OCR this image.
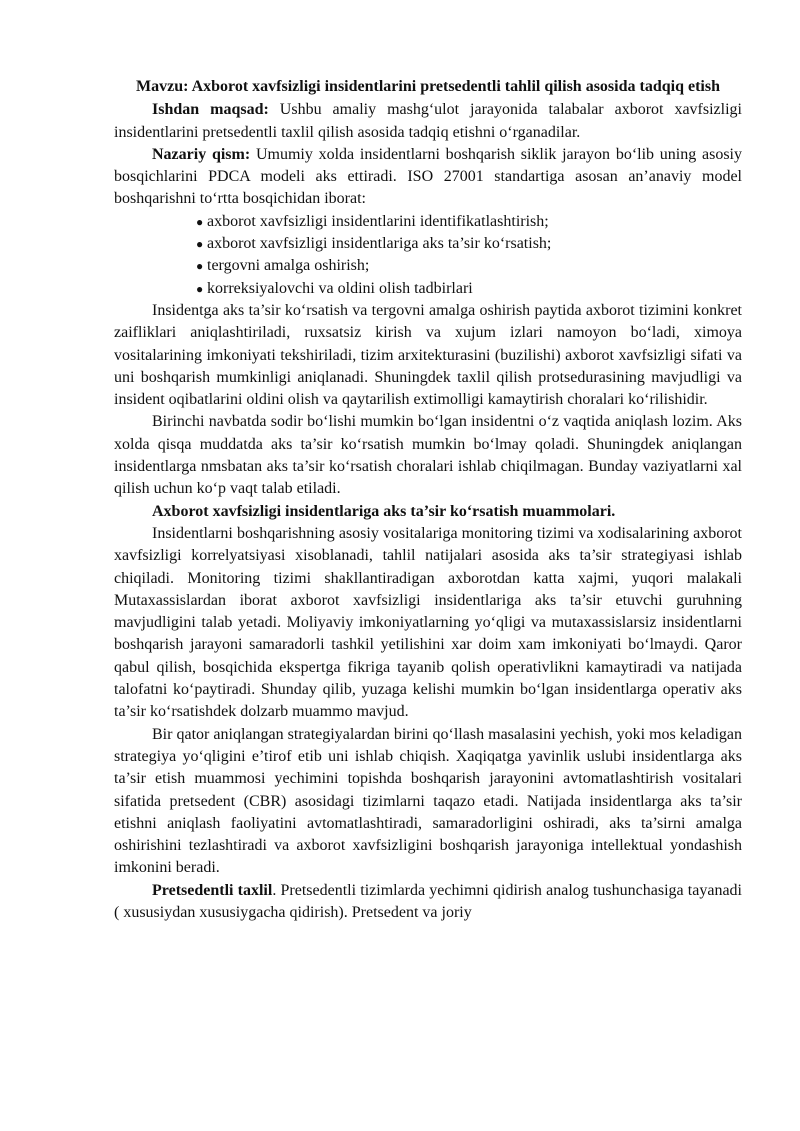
Mavzu: Axborot xavfsizligi insidentlarini pretsedentli tahlil qilish asosida tadqiq etish

Ishdan maqsad: Ushbu amaliy mashg‘ulot jarayonida talabalar axborot xavfsizligi insidentlarini pretsedentli taxlil qilish asosida tadqiq etishni o‘rganadilar.

Nazariy qism: Umumiy xolda insidentlarni boshqarish siklik jarayon bo‘lib uning asosiy bosqichlarini PDCA modeli aks ettiradi. ISO 27001 standartiga asosan an’anaviy model boshqarishni to‘rtta bosqichidan iborat:

● axborot xavfsizligi insidentlarini identifikatlashtirish;
● axborot xavfsizligi insidentlariga aks ta’sir ko‘rsatish;
● tergovni amalga oshirish;
● korreksiyalovchi va oldini olish tadbirlari

Insidentga aks ta’sir ko‘rsatish va tergovni amalga oshirish paytida axborot tizimini konkret zaifliklari aniqlashtiriladi, ruxsatsiz kirish va xujum izlari namoyon bo‘ladi, ximoya vositalarining imkoniyati tekshiriladi, tizim arxitekturasini (buzilishi) axborot xavfsizligi sifati va uni boshqarish mumkinligi aniqlanadi. Shuningdek taxlil qilish protsedurasining mavjudligi va insident oqibatlarini oldini olish va qaytarilish extimolligi kamaytirish choralari ko‘rilishidir.

Birinchi navbatda sodir bo‘lishi mumkin bo‘lgan insidentni o‘z vaqtida aniqlash lozim. Aks xolda qisqa muddatda aks ta’sir ko‘rsatish mumkin bo‘lmay qoladi. Shuningdek aniqlangan insidentlarga nmsbatan aks ta’sir ko‘rsatish choralari ishlab chiqilmagan. Bunday vaziyatlarni xal qilish uchun ko‘p vaqt talab etiladi.

Axborot xavfsizligi insidentlariga aks ta’sir ko‘rsatish muammolari.

Insidentlarni boshqarishning asosiy vositalariga monitoring tizimi va xodisalarining axborot xavfsizligi korrelyatsiyasi xisoblanadi, tahlil natijalari asosida aks ta’sir strategiyasi ishlab chiqiladi. Monitoring tizimi shakllantiradigan axborotdan katta xajmi, yuqori malakali Mutaxassislardan iborat axborot xavfsizligi insidentlariga aks ta’sir etuvchi guruhning mavjudligini talab yetadi. Moliyaviy imkoniyatlarning yo‘qligi va mutaxassislarsiz insidentlarni boshqarish jarayoni samaradorli tashkil yetilishini xar doim xam imkoniyati bo‘lmaydi. Qaror qabul qilish, bosqichida ekspertga fikriga tayanib qolish operativlikni kamaytiradi va natijada talofatni ko‘paytiradi. Shunday qilib, yuzaga kelishi mumkin bo‘lgan insidentlarga operativ aks ta’sir ko‘rsatishdek dolzarb muammo mavjud.

Bir qator aniqlangan strategiyalardan birini qo‘llash masalasini yechish, yoki mos keladigan strategiya yo‘qligini e’tirof etib uni ishlab chiqish. Xaqiqatga yavinlik uslubi insidentlarga aks ta’sir etish muammosi yechimini topishda boshqarish jarayonini avtomatlashtirish vositalari sifatida pretsedent (CBR) asosidagi tizimlarni taqazo etadi. Natijada insidentlarga aks ta’sir etishni aniqlash faoliyatini avtomatlashtiradi, samaradorligini oshiradi, aks ta’sirni amalga oshirishini tezlashtiradi va axborot xavfsizligini boshqarish jarayoniga intellektual yondashish imkonini beradi.

Pretsedentli taxlil. Pretsedentli tizimlarda yechimni qidirish analog tushunchasiga tayanadi ( xususiydan xususiygacha qidirish). Pretsedent va joriy
